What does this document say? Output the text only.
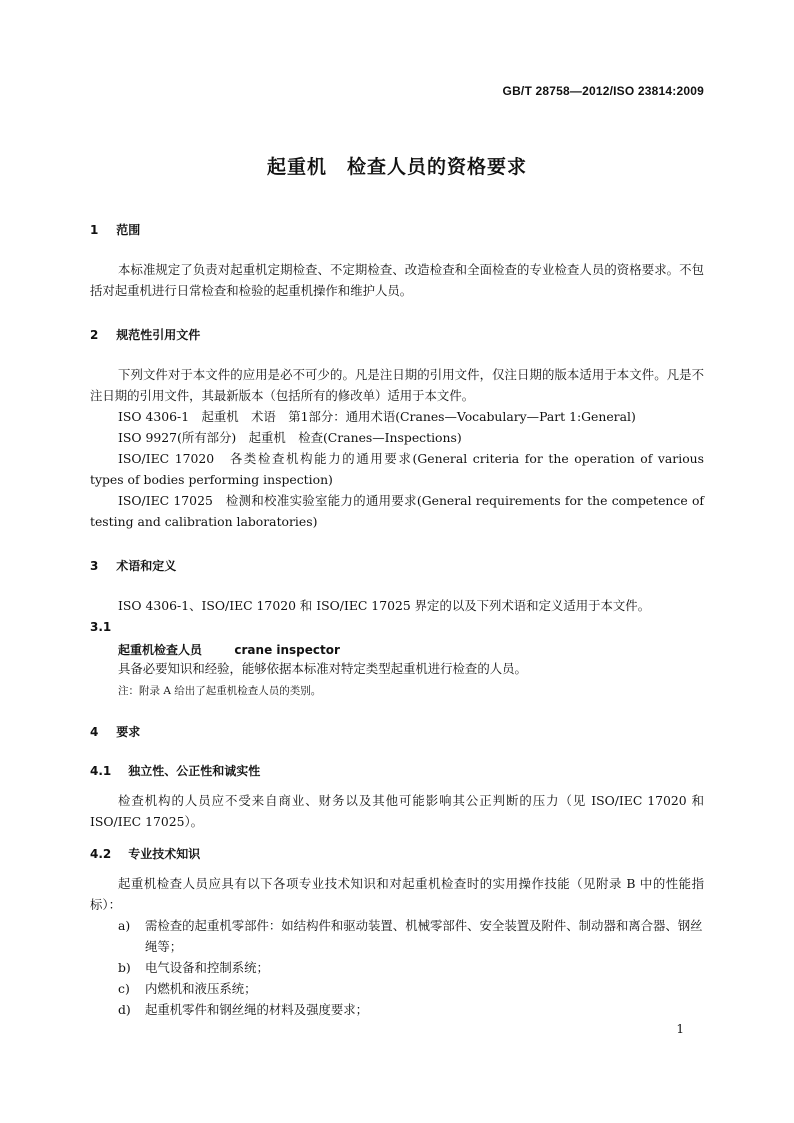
GB/T 28758—2012/ISO 23814:2009
起重机　检查人员的资格要求
1 范围
本标准规定了负责对起重机定期检查、不定期检查、改造检查和全面检查的专业检查人员的资格要求。不包括对起重机进行日常检查和检验的起重机操作和维护人员。
2 规范性引用文件
下列文件对于本文件的应用是必不可少的。凡是注日期的引用文件，仅注日期的版本适用于本文件。凡是不注日期的引用文件，其最新版本（包括所有的修改单）适用于本文件。
ISO 4306-1　起重机　术语　第1部分：通用术语(Cranes—Vocabulary—Part 1:General)
ISO 9927(所有部分)　起重机　检查(Cranes—Inspections)
ISO/IEC 17020　各类检查机构能力的通用要求(General criteria for the operation of various types of bodies performing inspection)
ISO/IEC 17025　检测和校准实验室能力的通用要求(General requirements for the competence of testing and calibration laboratories)
3 术语和定义
ISO 4306-1、ISO/IEC 17020 和 ISO/IEC 17025 界定的以及下列术语和定义适用于本文件。
3.1
起重机检查人员	crane inspector
具备必要知识和经验，能够依据本标准对特定类型起重机进行检查的人员。
注：附录 A 给出了起重机检查人员的类别。
4 要求
4.1 独立性、公正性和诚实性
检查机构的人员应不受来自商业、财务以及其他可能影响其公正判断的压力（见 ISO/IEC 17020 和 ISO/IEC 17025）。
4.2 专业技术知识
起重机检查人员应具有以下各项专业技术知识和对起重机检查时的实用操作技能（见附录 B 中的性能指标）：
a)	需检查的起重机零部件：如结构件和驱动装置、机械零部件、安全装置及附件、制动器和离合器、钢丝绳等；
b)	电气设备和控制系统；
c)	内燃机和液压系统；
d)	起重机零件和钢丝绳的材料及强度要求；
1
